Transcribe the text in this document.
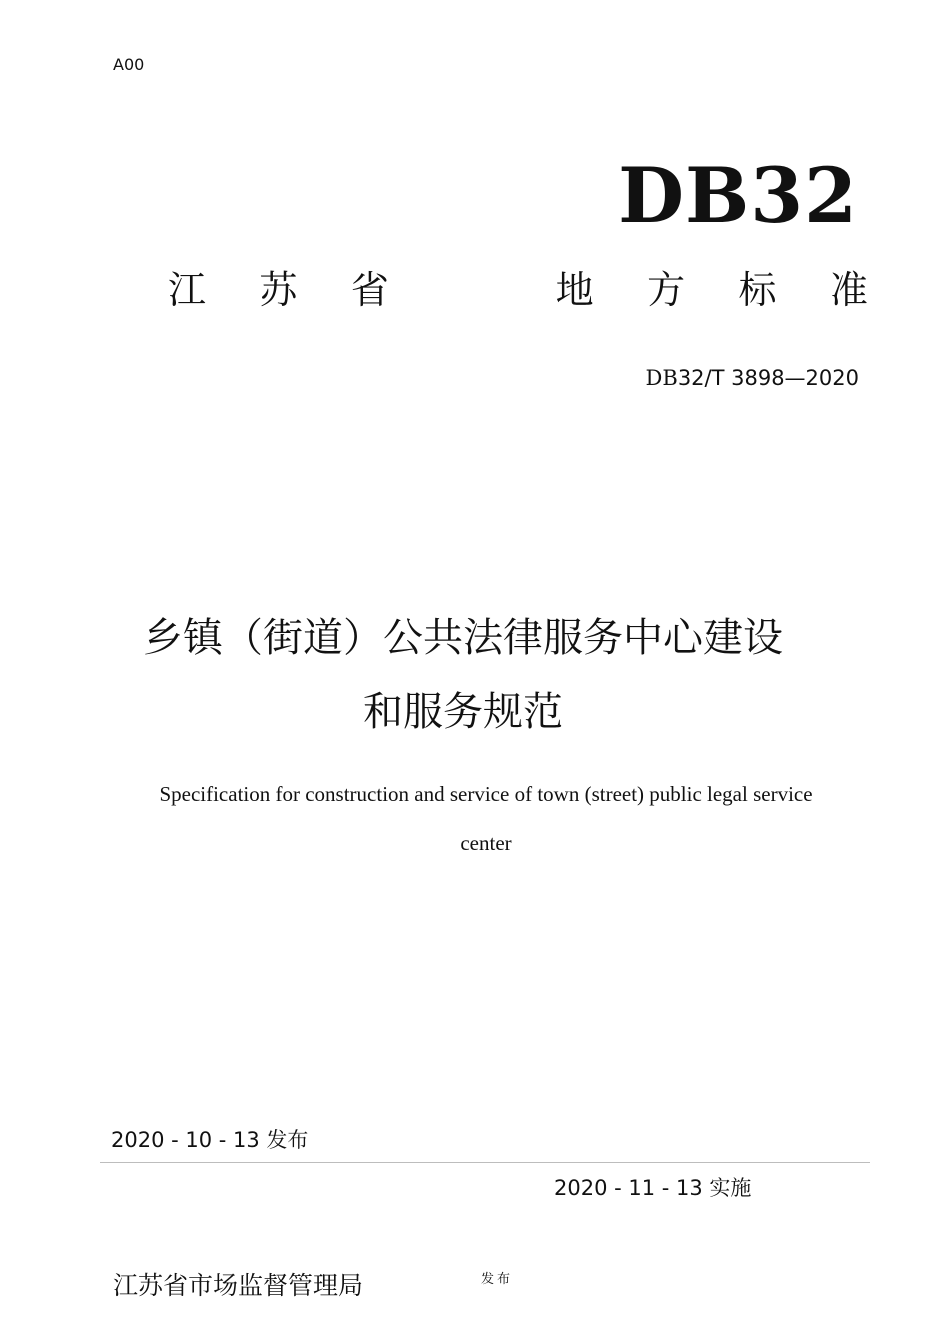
A00
DB32
江 苏 省	地 方 标 准
DB32/T 3898—2020
乡镇（街道）公共法律服务中心建设
和服务规范
Specification for construction and service of town (street) public legal service
center
2020 - 10 - 13 发布
2020 - 11 - 13 实施
江苏省市场监督管理局	发布
